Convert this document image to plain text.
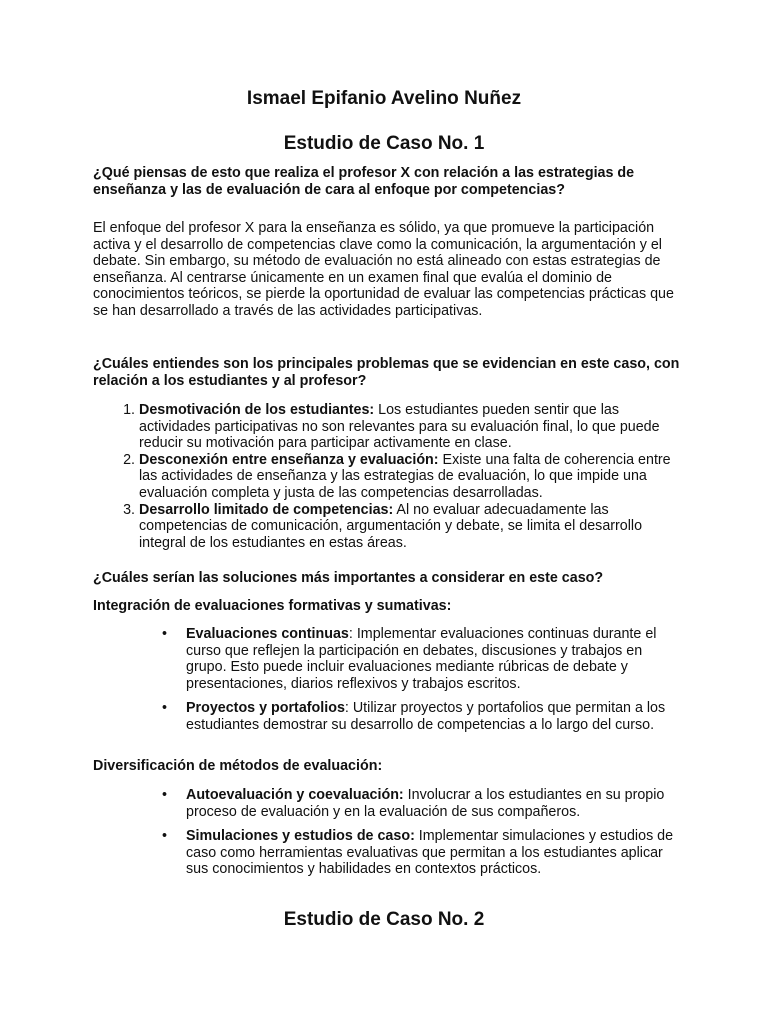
Ismael Epifanio Avelino Nuñez
Estudio de Caso No. 1

¿Qué piensas de esto que realiza el profesor X con relación a las estrategias de enseñanza y las de evaluación de cara al enfoque por competencias?

El enfoque del profesor X para la enseñanza es sólido, ya que promueve la participación activa y el desarrollo de competencias clave como la comunicación, la argumentación y el debate. Sin embargo, su método de evaluación no está alineado con estas estrategias de enseñanza. Al centrarse únicamente en un examen final que evalúa el dominio de conocimientos teóricos, se pierde la oportunidad de evaluar las competencias prácticas que se han desarrollado a través de las actividades participativas.

¿Cuáles entiendes son los principales problemas que se evidencian en este caso, con relación a los estudiantes y al profesor?

1. Desmotivación de los estudiantes: Los estudiantes pueden sentir que las actividades participativas no son relevantes para su evaluación final, lo que puede reducir su motivación para participar activamente en clase.
2. Desconexión entre enseñanza y evaluación: Existe una falta de coherencia entre las actividades de enseñanza y las estrategias de evaluación, lo que impide una evaluación completa y justa de las competencias desarrolladas.
3. Desarrollo limitado de competencias: Al no evaluar adecuadamente las competencias de comunicación, argumentación y debate, se limita el desarrollo integral de los estudiantes en estas áreas.

¿Cuáles serían las soluciones más importantes a considerar en este caso?

Integración de evaluaciones formativas y sumativas:

• Evaluaciones continuas: Implementar evaluaciones continuas durante el curso que reflejen la participación en debates, discusiones y trabajos en grupo. Esto puede incluir evaluaciones mediante rúbricas de debate y presentaciones, diarios reflexivos y trabajos escritos.
• Proyectos y portafolios: Utilizar proyectos y portafolios que permitan a los estudiantes demostrar su desarrollo de competencias a lo largo del curso.

Diversificación de métodos de evaluación:

• Autoevaluación y coevaluación: Involucrar a los estudiantes en su propio proceso de evaluación y en la evaluación de sus compañeros.
• Simulaciones y estudios de caso: Implementar simulaciones y estudios de caso como herramientas evaluativas que permitan a los estudiantes aplicar sus conocimientos y habilidades en contextos prácticos.
Estudio de Caso No. 2
